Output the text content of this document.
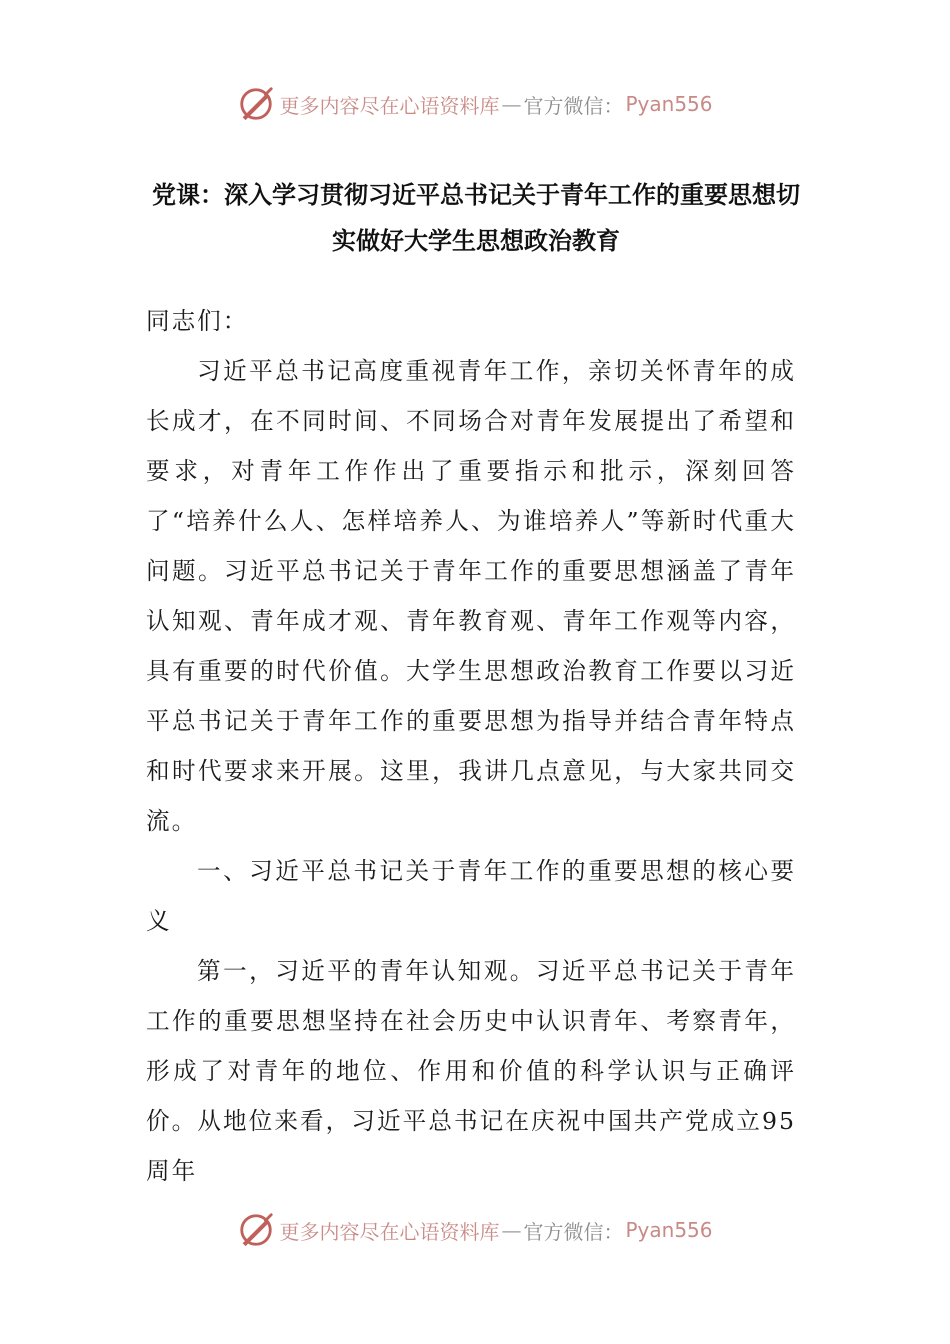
更多内容尽在心语资料库 — 官方微信： Pyan556
党课：深入学习贯彻习近平总书记关于青年工作的重要思想切实做好大学生思想政治教育

同志们：

习近平总书记高度重视青年工作，亲切关怀青年的成长成才，在不同时间、不同场合对青年发展提出了希望和要求，对青年工作作出了重要指示和批示，深刻回答了“培养什么人、怎样培养人、为谁培养人”等新时代重大问题。习近平总书记关于青年工作的重要思想涵盖了青年认知观、青年成才观、青年教育观、青年工作观等内容，具有重要的时代价值。大学生思想政治教育工作要以习近平总书记关于青年工作的重要思想为指导并结合青年特点和时代要求来开展。这里，我讲几点意见，与大家共同交流。

一、习近平总书记关于青年工作的重要思想的核心要义

第一，习近平的青年认知观。习近平总书记关于青年工作的重要思想坚持在社会历史中认识青年、考察青年，形成了对青年的地位、作用和价值的科学认识与正确评价。从地位来看，习近平总书记在庆祝中国共产党成立95周年

更多内容尽在心语资料库 — 官方微信： Pyan556
